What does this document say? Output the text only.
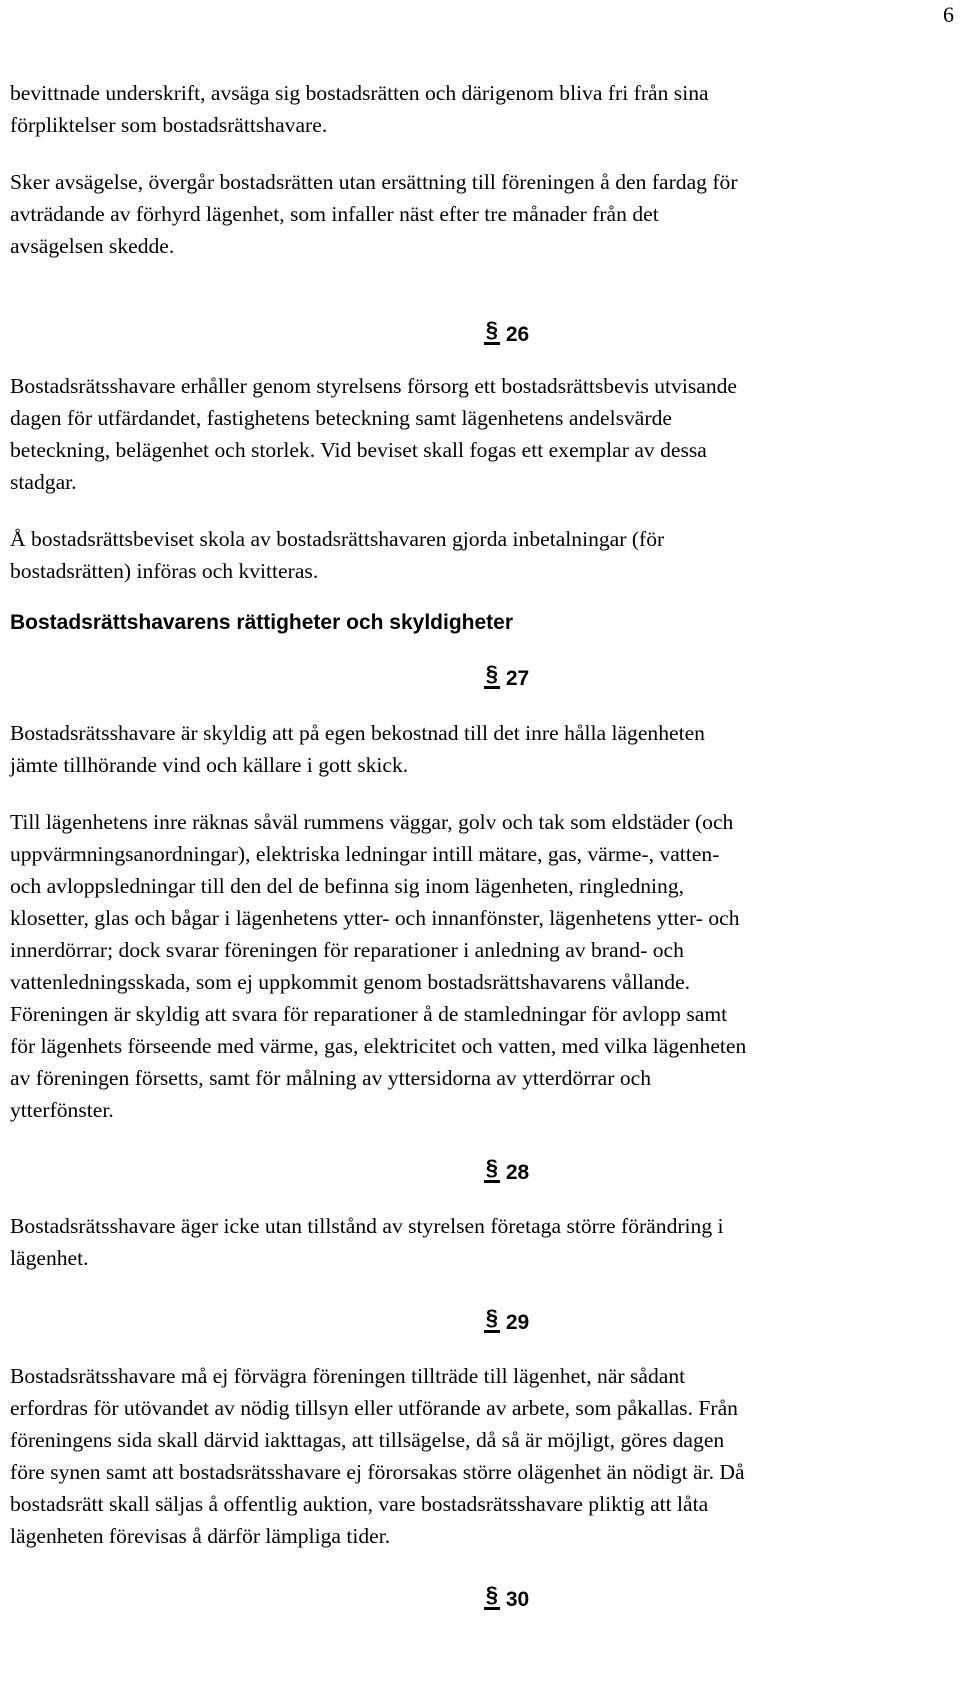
6

bevittnade underskrift, avsäga sig bostadsrätten och därigenom bliva fri från sina
förpliktelser som bostadsrättshavare.

Sker avsägelse, övergår bostadsrätten utan ersättning till föreningen å den fardag för
avträdande av förhyrd lägenhet, som infaller näst efter tre månader från det
avsägelsen skedde.

§ 26

Bostadsrätsshavare erhåller genom styrelsens försorg ett bostadsrättsbevis utvisande
dagen för utfärdandet, fastighetens beteckning samt lägenhetens andelsvärde
beteckning, belägenhet och storlek. Vid beviset skall fogas ett exemplar av dessa
stadgar.

Å bostadsrättsbeviset skola av bostadsrättshavaren gjorda inbetalningar (för
bostadsrätten) införas och kvitteras.

Bostadsrättshavarens rättigheter och skyldigheter

§ 27

Bostadsrätsshavare är skyldig att på egen bekostnad till det inre hålla lägenheten
jämte tillhörande vind och källare i gott skick.

Till lägenhetens inre räknas såväl rummens väggar, golv och tak som eldstäder (och
uppvärmningsanordningar), elektriska ledningar intill mätare, gas, värme-, vatten-
och avloppsledningar till den del de befinna sig inom lägenheten, ringledning,
klosetter, glas och bågar i lägenhetens ytter- och innanfönster, lägenhetens ytter- och
innerdörrar; dock svarar föreningen för reparationer i anledning av brand- och
vattenledningsskada, som ej uppkommit genom bostadsrättshavarens vållande.
Föreningen är skyldig att svara för reparationer å de stamledningar för avlopp samt
för lägenhets förseende med värme, gas, elektricitet och vatten, med vilka lägenheten
av föreningen försetts, samt för målning av yttersidorna av ytterdörrar och
ytterfönster.

§ 28

Bostadsrätsshavare äger icke utan tillstånd av styrelsen företaga större förändring i
lägenhet.

§ 29

Bostadsrätsshavare må ej förvägra föreningen tillträde till lägenhet, när sådant
erfordras för utövandet av nödig tillsyn eller utförande av arbete, som påkallas. Från
föreningens sida skall därvid iakttagas, att tillsägelse, då så är möjligt, göres dagen
före synen samt att bostadsrätsshavare ej förorsakas större olägenhet än nödigt är. Då
bostadsrätt skall säljas å offentlig auktion, vare bostadsrätsshavare pliktig att låta
lägenheten förevisas å därför lämpliga tider.

§ 30
